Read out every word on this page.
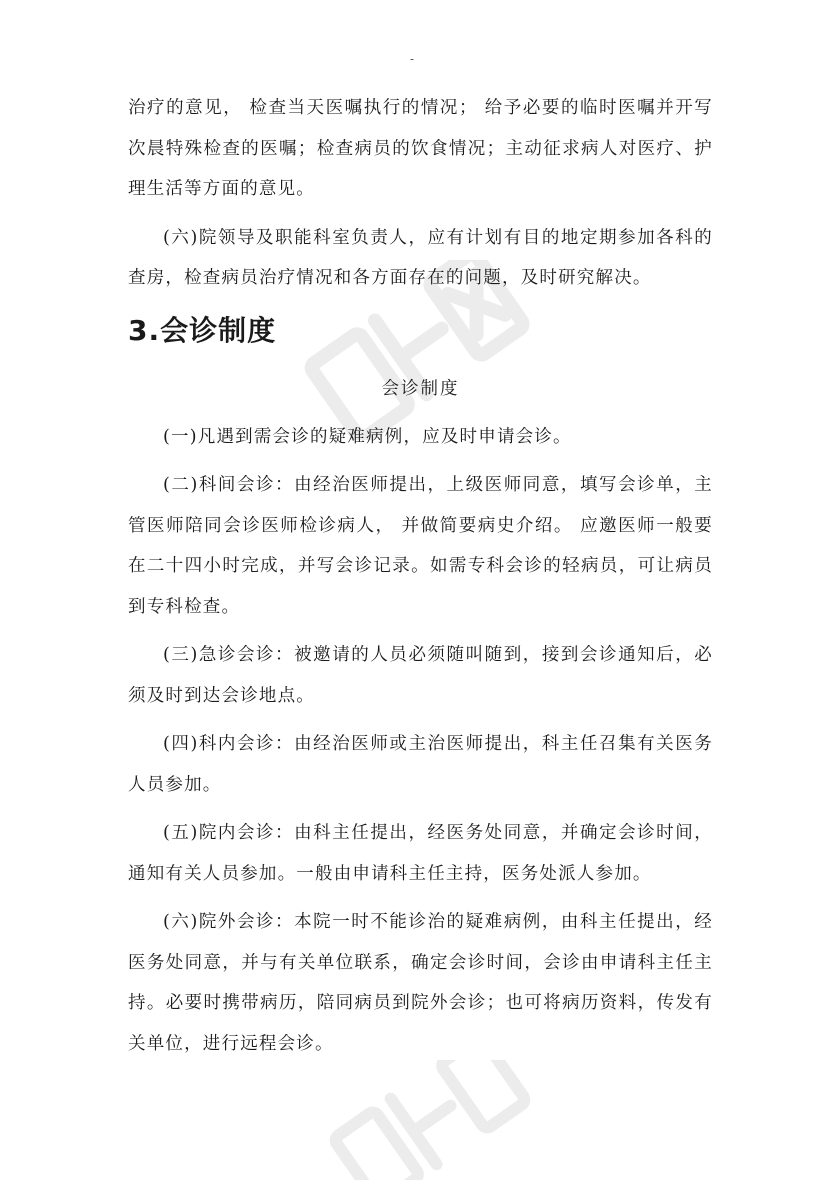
-

治疗的意见， 检查当天医嘱执行的情况； 给予必要的临时医嘱并开写次晨特殊检查的医嘱；检查病员的饮食情况；主动征求病人对医疗、护理生活等方面的意见。

(六)院领导及职能科室负责人，应有计划有目的地定期参加各科的查房，检查病员治疗情况和各方面存在的问题，及时研究解决。

3.会诊制度
会诊制度

(一)凡遇到需会诊的疑难病例，应及时申请会诊。

(二)科间会诊：由经治医师提出，上级医师同意，填写会诊单，主管医师陪同会诊医师检诊病人， 并做简要病史介绍。 应邀医师一般要在二十四小时完成，并写会诊记录。如需专科会诊的轻病员，可让病员到专科检查。

(三)急诊会诊：被邀请的人员必须随叫随到，接到会诊通知后，必须及时到达会诊地点。

(四)科内会诊：由经治医师或主治医师提出，科主任召集有关医务人员参加。

(五)院内会诊：由科主任提出，经医务处同意，并确定会诊时间，通知有关人员参加。一般由申请科主任主持，医务处派人参加。

(六)院外会诊：本院一时不能诊治的疑难病例，由科主任提出，经医务处同意，并与有关单位联系，确定会诊时间，会诊由申请科主任主持。必要时携带病历，陪同病员到院外会诊；也可将病历资料，传发有关单位，进行远程会诊。
